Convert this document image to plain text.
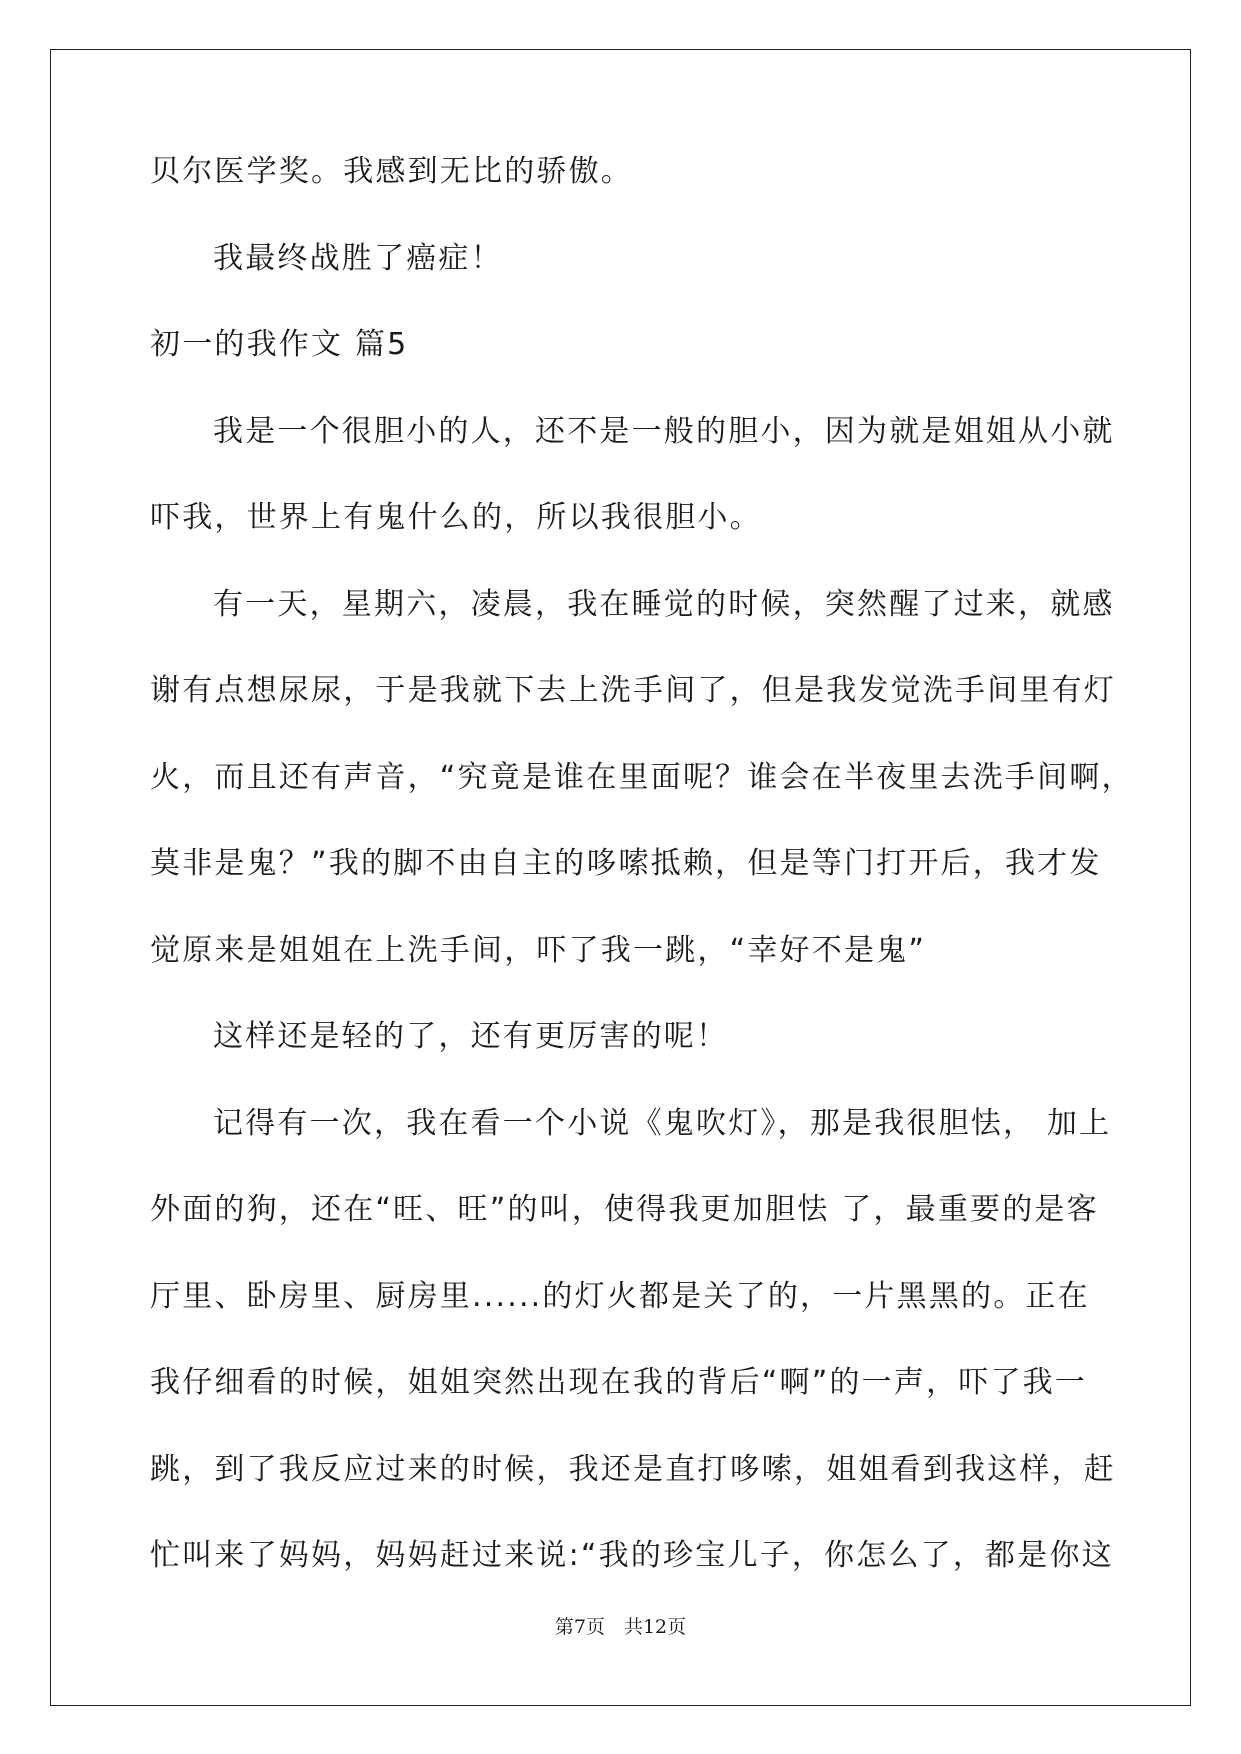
贝尔医学奖。我感到无比的骄傲。
我最终战胜了癌症！
初一的我作文 篇5
我是一个很胆小的人，还不是一般的胆小，因为就是姐姐从小就
吓我，世界上有鬼什么的，所以我很胆小。
有一天，星期六，凌晨，我在睡觉的时候，突然醒了过来，就感
谢有点想尿尿，于是我就下去上洗手间了，但是我发觉洗手间里有灯
火，而且还有声音，“究竟是谁在里面呢？谁会在半夜里去洗手间啊，
莫非是鬼？”我的脚不由自主的哆嗦抵赖，但是等门打开后，我才发
觉原来是姐姐在上洗手间，吓了我一跳，“幸好不是鬼”
这样还是轻的了，还有更厉害的呢！
记得有一次，我在看一个小说《鬼吹灯》，那是我很胆怯， 加上
外面的狗，还在“旺、旺”的叫，使得我更加胆怯 了，最重要的是客
厅里、卧房里、厨房里......的灯火都是关了的，一片黑黑的。正在
我仔细看的时候，姐姐突然出现在我的背后“啊”的一声，吓了我一
跳，到了我反应过来的时候，我还是直打哆嗦，姐姐看到我这样，赶
忙叫来了妈妈，妈妈赶过来说:“我的珍宝儿子，你怎么了，都是你这
第7页　共12页
